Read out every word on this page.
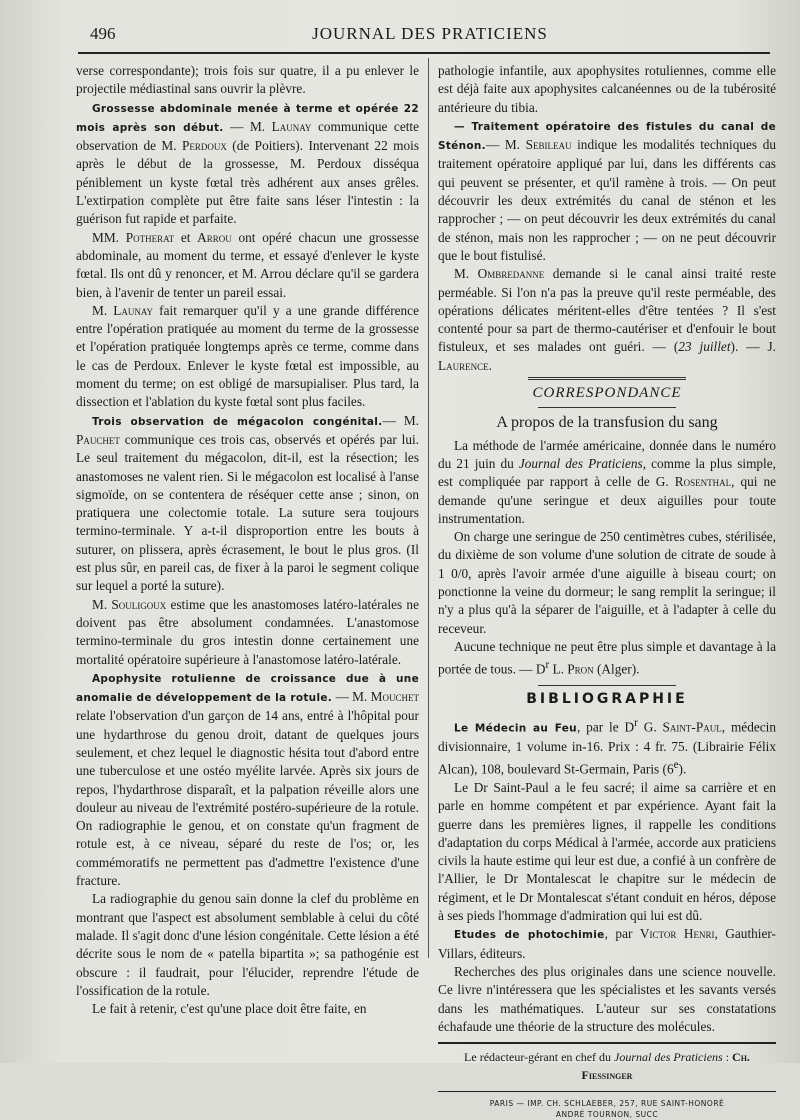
496	JOURNAL DES PRATICIENS

verse correspondante); trois fois sur quatre, il a pu enlever le projectile médiastinal sans ouvrir la plèvre.

Grossesse abdominale menée à terme et opérée 22 mois après son début. — M. Launay communique cette observation de M. Perdoux (de Poitiers). Intervenant 22 mois après le début de la grossesse, M. Perdoux disséqua péniblement un kyste fœtal très adhérent aux anses grêles. L'extirpation complète put être faite sans léser l'intestin : la guérison fut rapide et parfaite.

MM. Potherat et Arrou ont opéré chacun une grossesse abdominale, au moment du terme, et essayé d'enlever le kyste fœtal. Ils ont dû y renoncer, et M. Arrou déclare qu'il se gardera bien, à l'avenir de tenter un pareil essai.

M. Launay fait remarquer qu'il y a une grande différence entre l'opération pratiquée au moment du terme de la grossesse et l'opération pratiquée longtemps après ce terme, comme dans le cas de Perdoux. Enlever le kyste fœtal est impossible, au moment du terme; on est obligé de marsupialiser. Plus tard, la dissection et l'ablation du kyste fœtal sont plus faciles.

Trois observation de mégacolon congénital.— M. Pauchet communique ces trois cas, observés et opérés par lui. Le seul traitement du mégacolon, dit-il, est la résection; les anastomoses ne valent rien. Si le mégacolon est localisé à l'anse sigmoïde, on se contentera de réséquer cette anse ; sinon, on pratiquera une colectomie totale. La suture sera toujours termino-terminale. Y a-t-il disproportion entre les bouts à suturer, on plissera, après écrasement, le bout le plus gros. (Il est plus sûr, en pareil cas, de fixer à la paroi le segment colique sur lequel a porté la suture).

M. Souligoux estime que les anastomoses latéro-latérales ne doivent pas être absolument condamnées. L'anastomose termino-terminale du gros intestin donne certainement une mortalité opératoire supérieure à l'anastomose latéro-latérale.

Apophysite rotulienne de croissance due à une anomalie de développement de la rotule. — M. Mouchet relate l'observation d'un garçon de 14 ans, entré à l'hôpital pour une hydarthrose du genou droit, datant de quelques jours seulement, et chez lequel le diagnostic hésita tout d'abord entre une tuberculose et une ostéo myélite larvée. Après six jours de repos, l'hydarthrose disparaît, et la palpation réveille alors une douleur au niveau de l'extrémité postéro-supérieure de la rotule. On radiographie le genou, et on constate qu'un fragment de rotule est, à ce niveau, séparé du reste de l'os; or, les commémoratifs ne permettent pas d'admettre l'existence d'une fracture.

La radiographie du genou sain donne la clef du problème en montrant que l'aspect est absolument semblable à celui du côté malade. Il s'agit donc d'une lésion congénitale. Cette lésion a été décrite sous le nom de « patella bipartita »; sa pathogénie est obscure : il faudrait, pour l'élucider, reprendre l'étude de l'ossification de la rotule.

Le fait à retenir, c'est qu'une place doit être faite, en

pathologie infantile, aux apophysites rotuliennes, comme elle est déjà faite aux apophysites calcanéennes ou de la tubérosité antérieure du tibia.

— Traitement opératoire des fistules du canal de Sténon.— M. Sebileau indique les modalités techniques du traitement opératoire appliqué par lui, dans les différents cas qui peuvent se présenter, et qu'il ramène à trois. — On peut découvrir les deux extrémités du canal de sténon et les rapprocher ; — on peut découvrir les deux extrémités du canal de sténon, mais non les rapprocher ; — on ne peut découvrir que le bout fistulisé.

M. Ombredanne demande si le canal ainsi traité reste perméable. Si l'on n'a pas la preuve qu'il reste perméable, des opérations délicates méritent-elles d'être tentées ? Il s'est contenté pour sa part de thermo-cautériser et d'enfouir le bout fistuleux, et ses malades ont guéri. — (23 juillet). — J. Laurence.

CORRESPONDANCE
A propos de la transfusion du sang

La méthode de l'armée américaine, donnée dans le numéro du 21 juin du Journal des Praticiens, comme la plus simple, est compliquée par rapport à celle de G. Rosenthal, qui ne demande qu'une seringue et deux aiguilles pour toute instrumentation.

On charge une seringue de 250 centimètres cubes, stérilisée, du dixième de son volume d'une solution de citrate de soude à 1 0/0, après l'avoir armée d'une aiguille à biseau court; on ponctionne la veine du dormeur; le sang remplit la seringue; il n'y a plus qu'à la séparer de l'aiguille, et à l'adapter à celle du receveur.

Aucune technique ne peut être plus simple et davantage à la portée de tous. — $D^r$ L. Pron (Alger).

BIBLIOGRAPHIE

Le Médecin au Feu, par le $D^r$ G. Saint-Paul, médecin divisionnaire, 1 volume in-16. Prix : 4 fr. 75. (Librairie Félix Alcan), 108, boulevard St-Germain, Paris (6e).

Le Dr Saint-Paul a le feu sacré; il aime sa carrière et en parle en homme compétent et par expérience. Ayant fait la guerre dans les premières lignes, il rappelle les conditions d'adaptation du corps Médical à l'armée, accorde aux praticiens civils la haute estime qui leur est due, a confié à un confrère de l'Allier, le Dr Montalescat le chapitre sur le médecin de régiment, et le Dr Montalescat s'étant conduit en héros, dépose à ses pieds l'hommage d'admiration qui lui est dû.

Etudes de photochimie, par Victor Henri, Gauthier-Villars, éditeurs.

Recherches des plus originales dans une science nouvelle. Ce livre n'intéressera que les spécialistes et les savants versés dans les mathématiques. L'auteur sur ses constatations échafaude une théorie de la structure des molécules.

Le rédacteur-gérant en chef du Journal des Praticiens : Ch. Fiessinger
PARIS — IMP. CH. SCHLAEBER, 257, RUE SAINT-HONORÉ
ANDRÉ TOURNON, SUCC
